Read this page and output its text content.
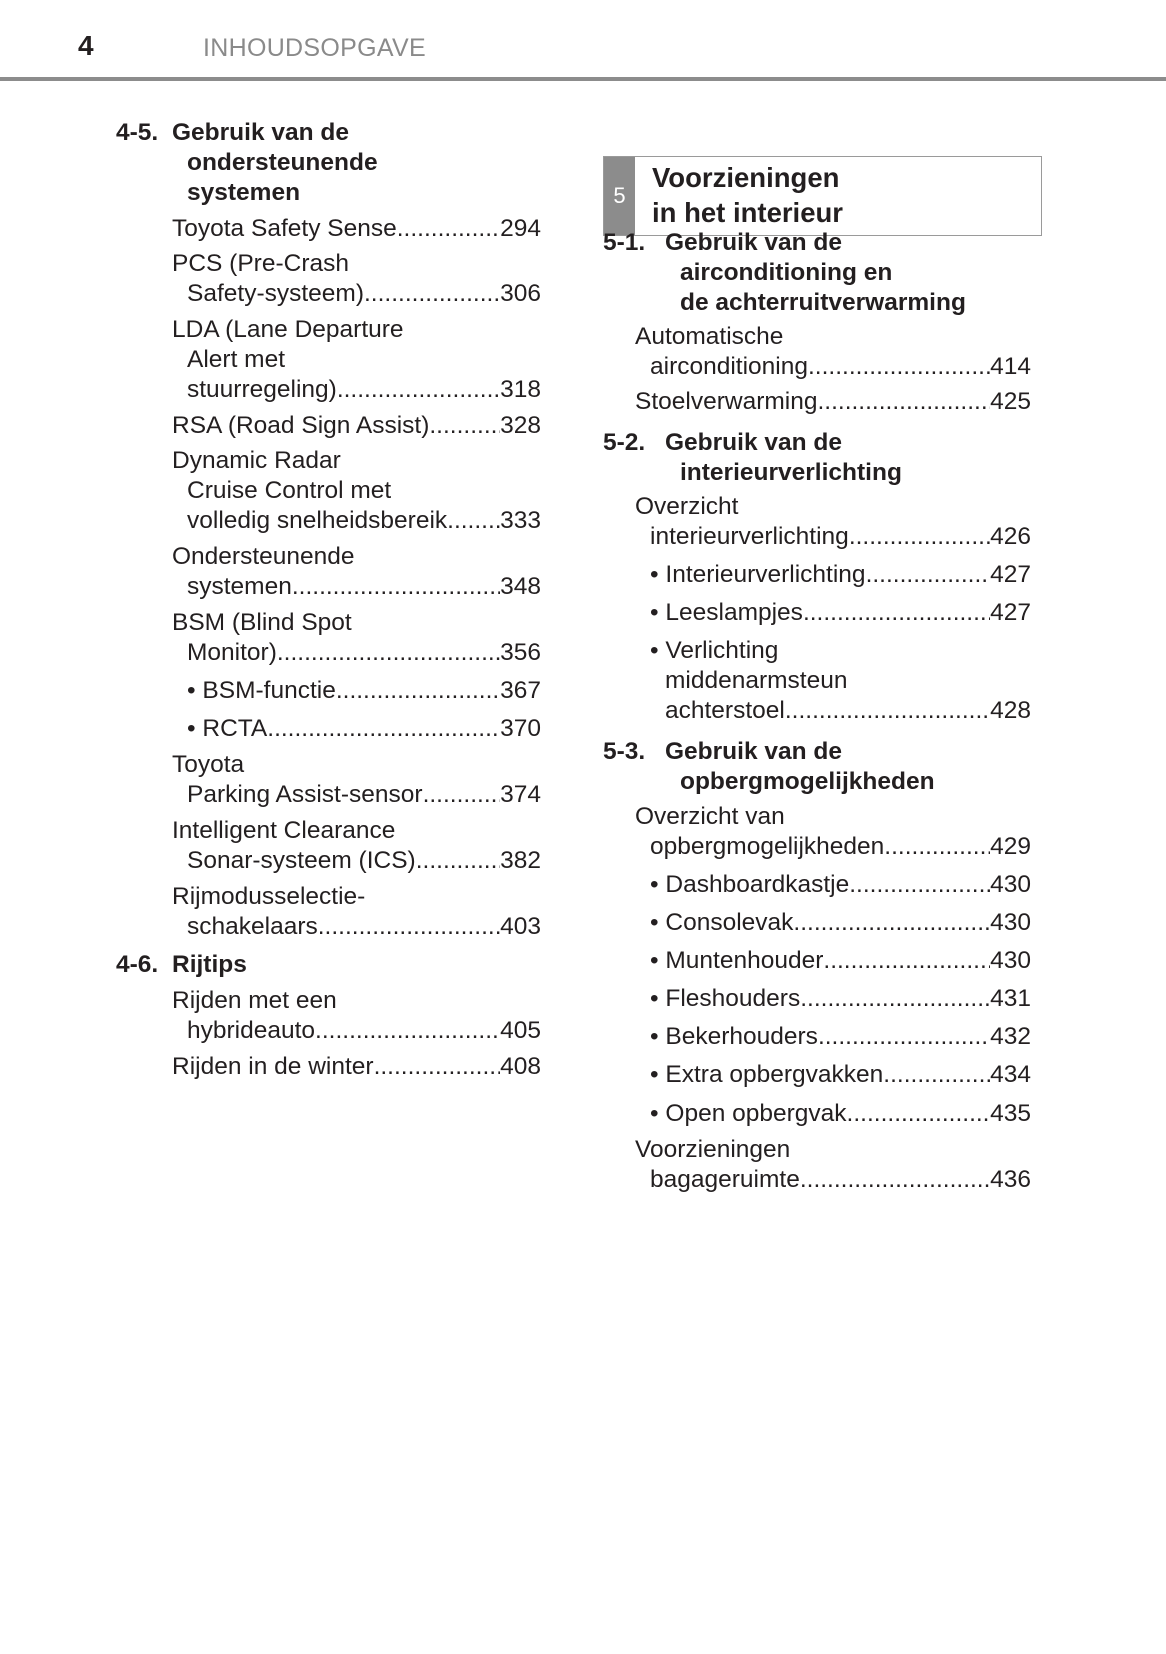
4	INHOUDSOPGAVE
4-5. Gebruik van de
ondersteunende
systemen
Toyota Safety Sense .....	294
PCS (Pre-Crash
Safety-systeem) .....	306
LDA (Lane Departure
Alert met
stuurregeling) .....	318
RSA (Road Sign Assist) .....	328
Dynamic Radar
Cruise Control met
volledig snelheidsbereik ..... 333
Ondersteunende
systemen .....	348
BSM (Blind Spot
Monitor) .....	356
• BSM-functie .....	367
• RCTA .....	370
Toyota
Parking Assist-sensor .....	374
Intelligent Clearance
Sonar-systeem (ICS) .....	382
Rijmodusselectie-
schakelaars .....	403
4-6. Rijtips
Rijden met een
hybrideauto .....	405
Rijden in de winter .....	408
5
Voorzieningen
in het interieur
5-1. Gebruik van de
airconditioning en
de achterruitverwarming
Automatische
airconditioning .....	414
Stoelverwarming .....	425
5-2. Gebruik van de
interieurverlichting
Overzicht
interieurverlichting .....	426
• Interieurverlichting .....	427
• Leeslampjes .....	427
• Verlichting
middenarmsteun
achterstoel .....	428
5-3. Gebruik van de
opbergmogelijkheden
Overzicht van
opbergmogelijkheden .....	429
• Dashboardkastje .....	430
• Consolevak .....	430
• Muntenhouder .....	430
• Fleshouders .....	431
• Bekerhouders .....	432
• Extra opbergvakken .....	434
• Open opbergvak .....	435
Voorzieningen
bagageruimte .....	436
